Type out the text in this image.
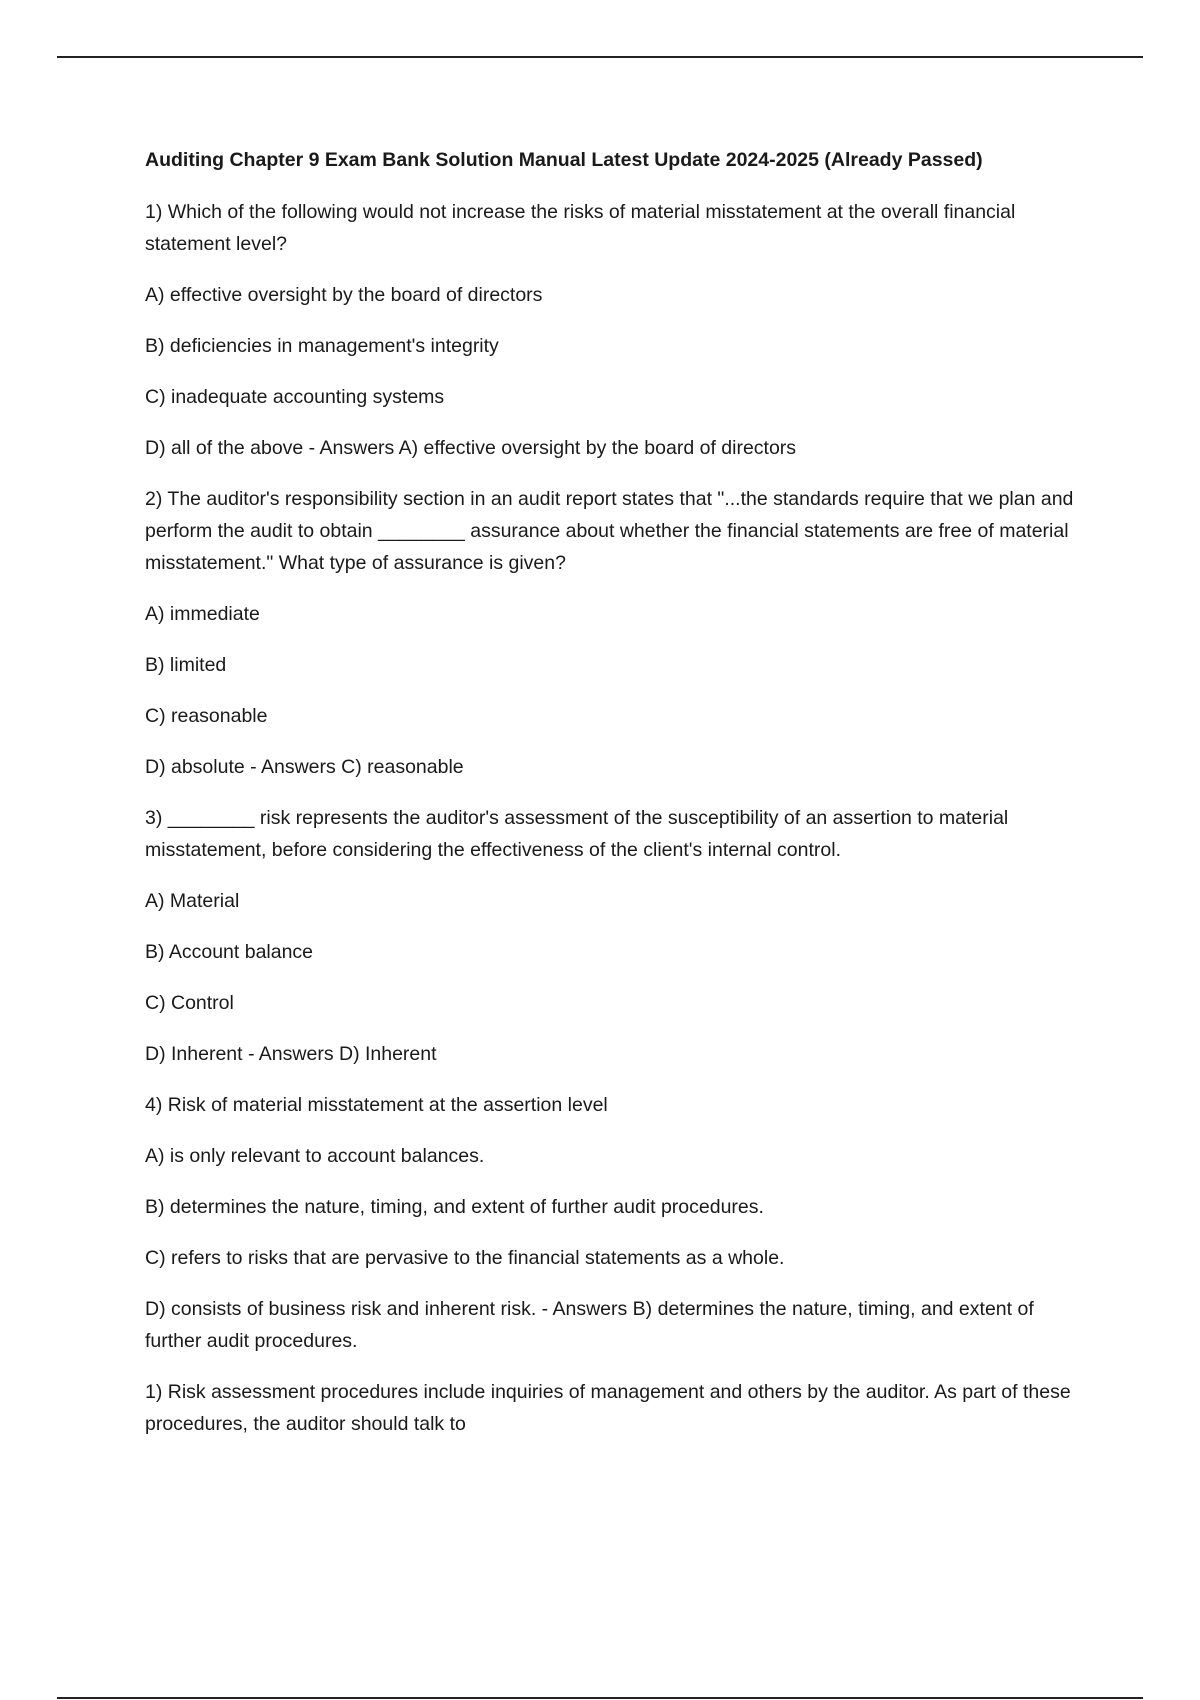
Auditing Chapter 9 Exam Bank Solution Manual Latest Update 2024-2025 (Already Passed)
1) Which of the following would not increase the risks of material misstatement at the overall financial statement level?
A) effective oversight by the board of directors
B) deficiencies in management's integrity
C) inadequate accounting systems
D) all of the above - Answers A) effective oversight by the board of directors
2) The auditor's responsibility section in an audit report states that "...the standards require that we plan and perform the audit to obtain ________ assurance about whether the financial statements are free of material misstatement." What type of assurance is given?
A) immediate
B) limited
C) reasonable
D) absolute - Answers C) reasonable
3) ________ risk represents the auditor's assessment of the susceptibility of an assertion to material misstatement, before considering the effectiveness of the client's internal control.
A) Material
B) Account balance
C) Control
D) Inherent - Answers D) Inherent
4) Risk of material misstatement at the assertion level
A) is only relevant to account balances.
B) determines the nature, timing, and extent of further audit procedures.
C) refers to risks that are pervasive to the financial statements as a whole.
D) consists of business risk and inherent risk. - Answers B) determines the nature, timing, and extent of further audit procedures.
1) Risk assessment procedures include inquiries of management and others by the auditor. As part of these procedures, the auditor should talk to
